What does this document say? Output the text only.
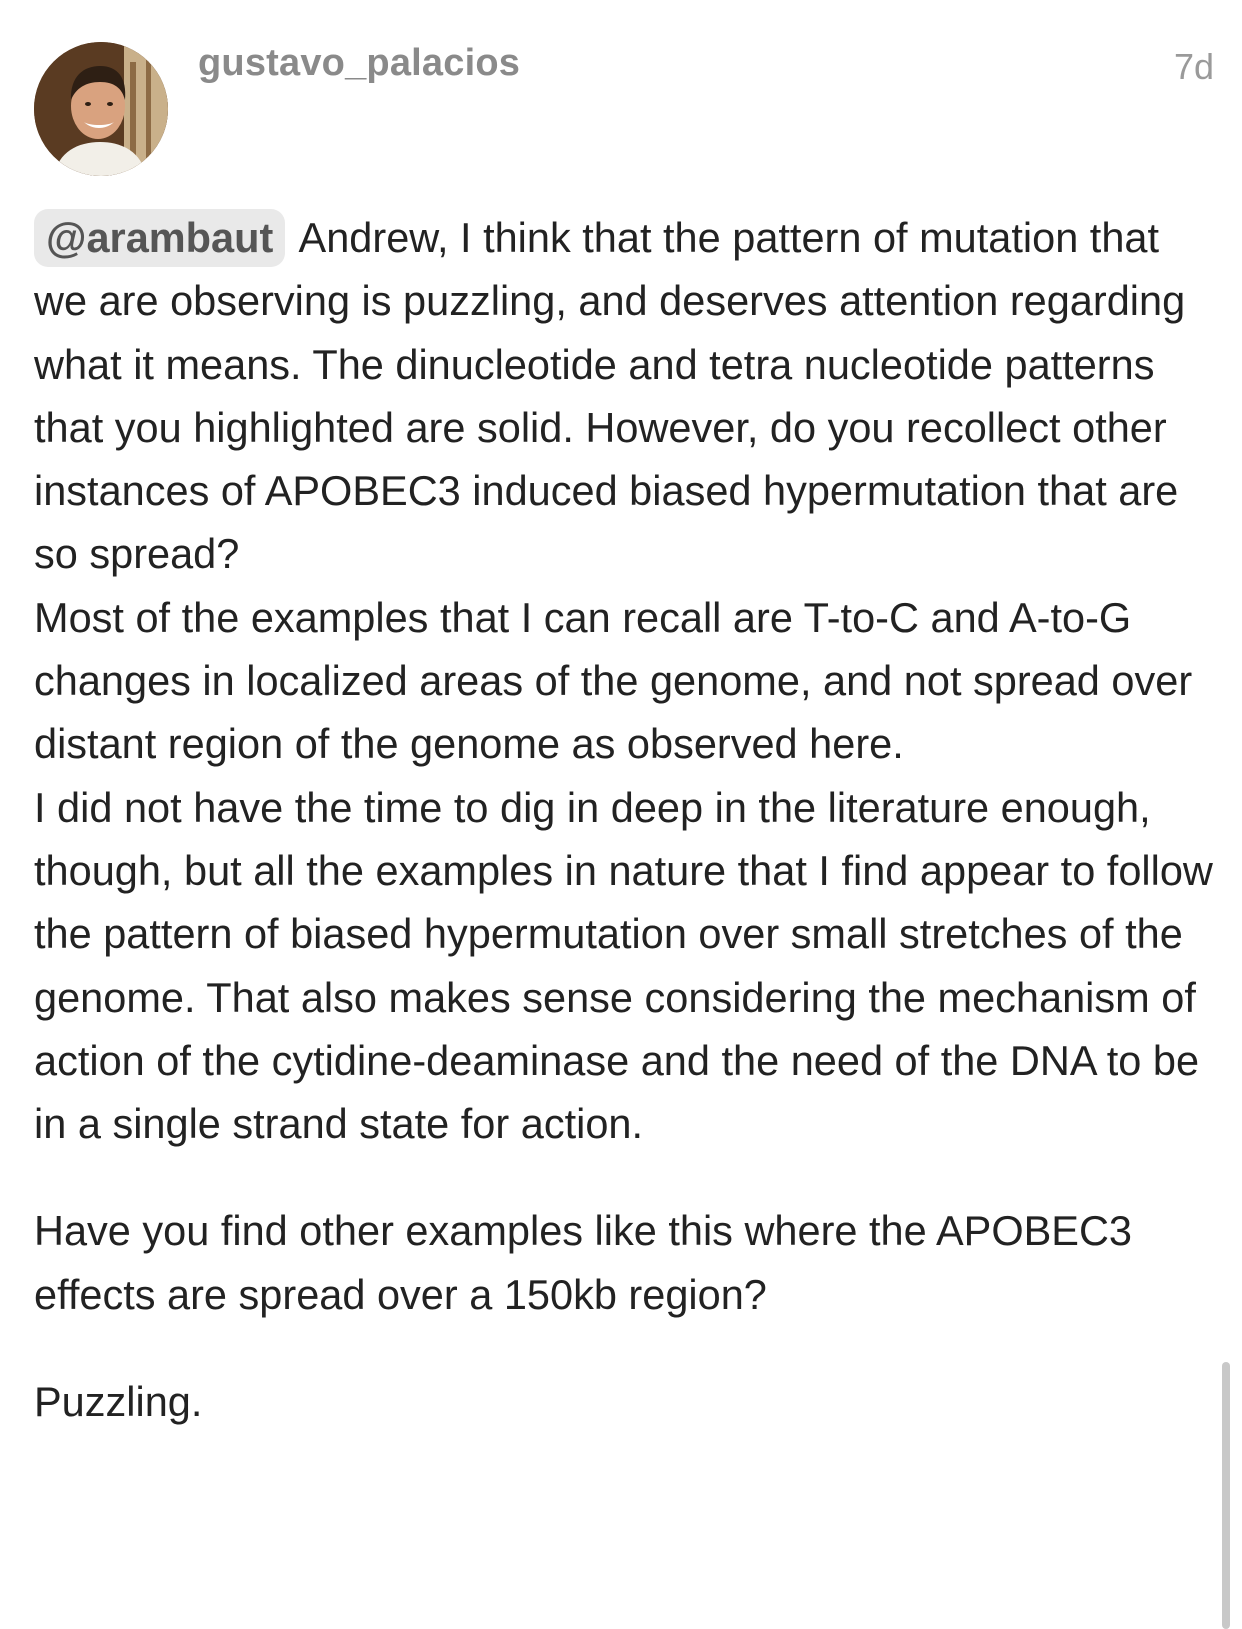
gustavo_palacios	7d

@arambaut Andrew, I think that the pattern of mutation that we are observing is puzzling, and deserves attention regarding what it means. The dinucleotide and tetra nucleotide patterns that you highlighted are solid. However, do you recollect other instances of APOBEC3 induced biased hypermutation that are so spread?

Most of the examples that I can recall are T-to-C and A-to-G changes in localized areas of the genome, and not spread over distant region of the genome as observed here.

I did not have the time to dig in deep in the literature enough, though, but all the examples in nature that I find appear to follow the pattern of biased hypermutation over small stretches of the genome. That also makes sense considering the mechanism of action of the cytidine-deaminase and the need of the DNA to be in a single strand state for action.

Have you find other examples like this where the APOBEC3 effects are spread over a 150kb region?

Puzzling.
